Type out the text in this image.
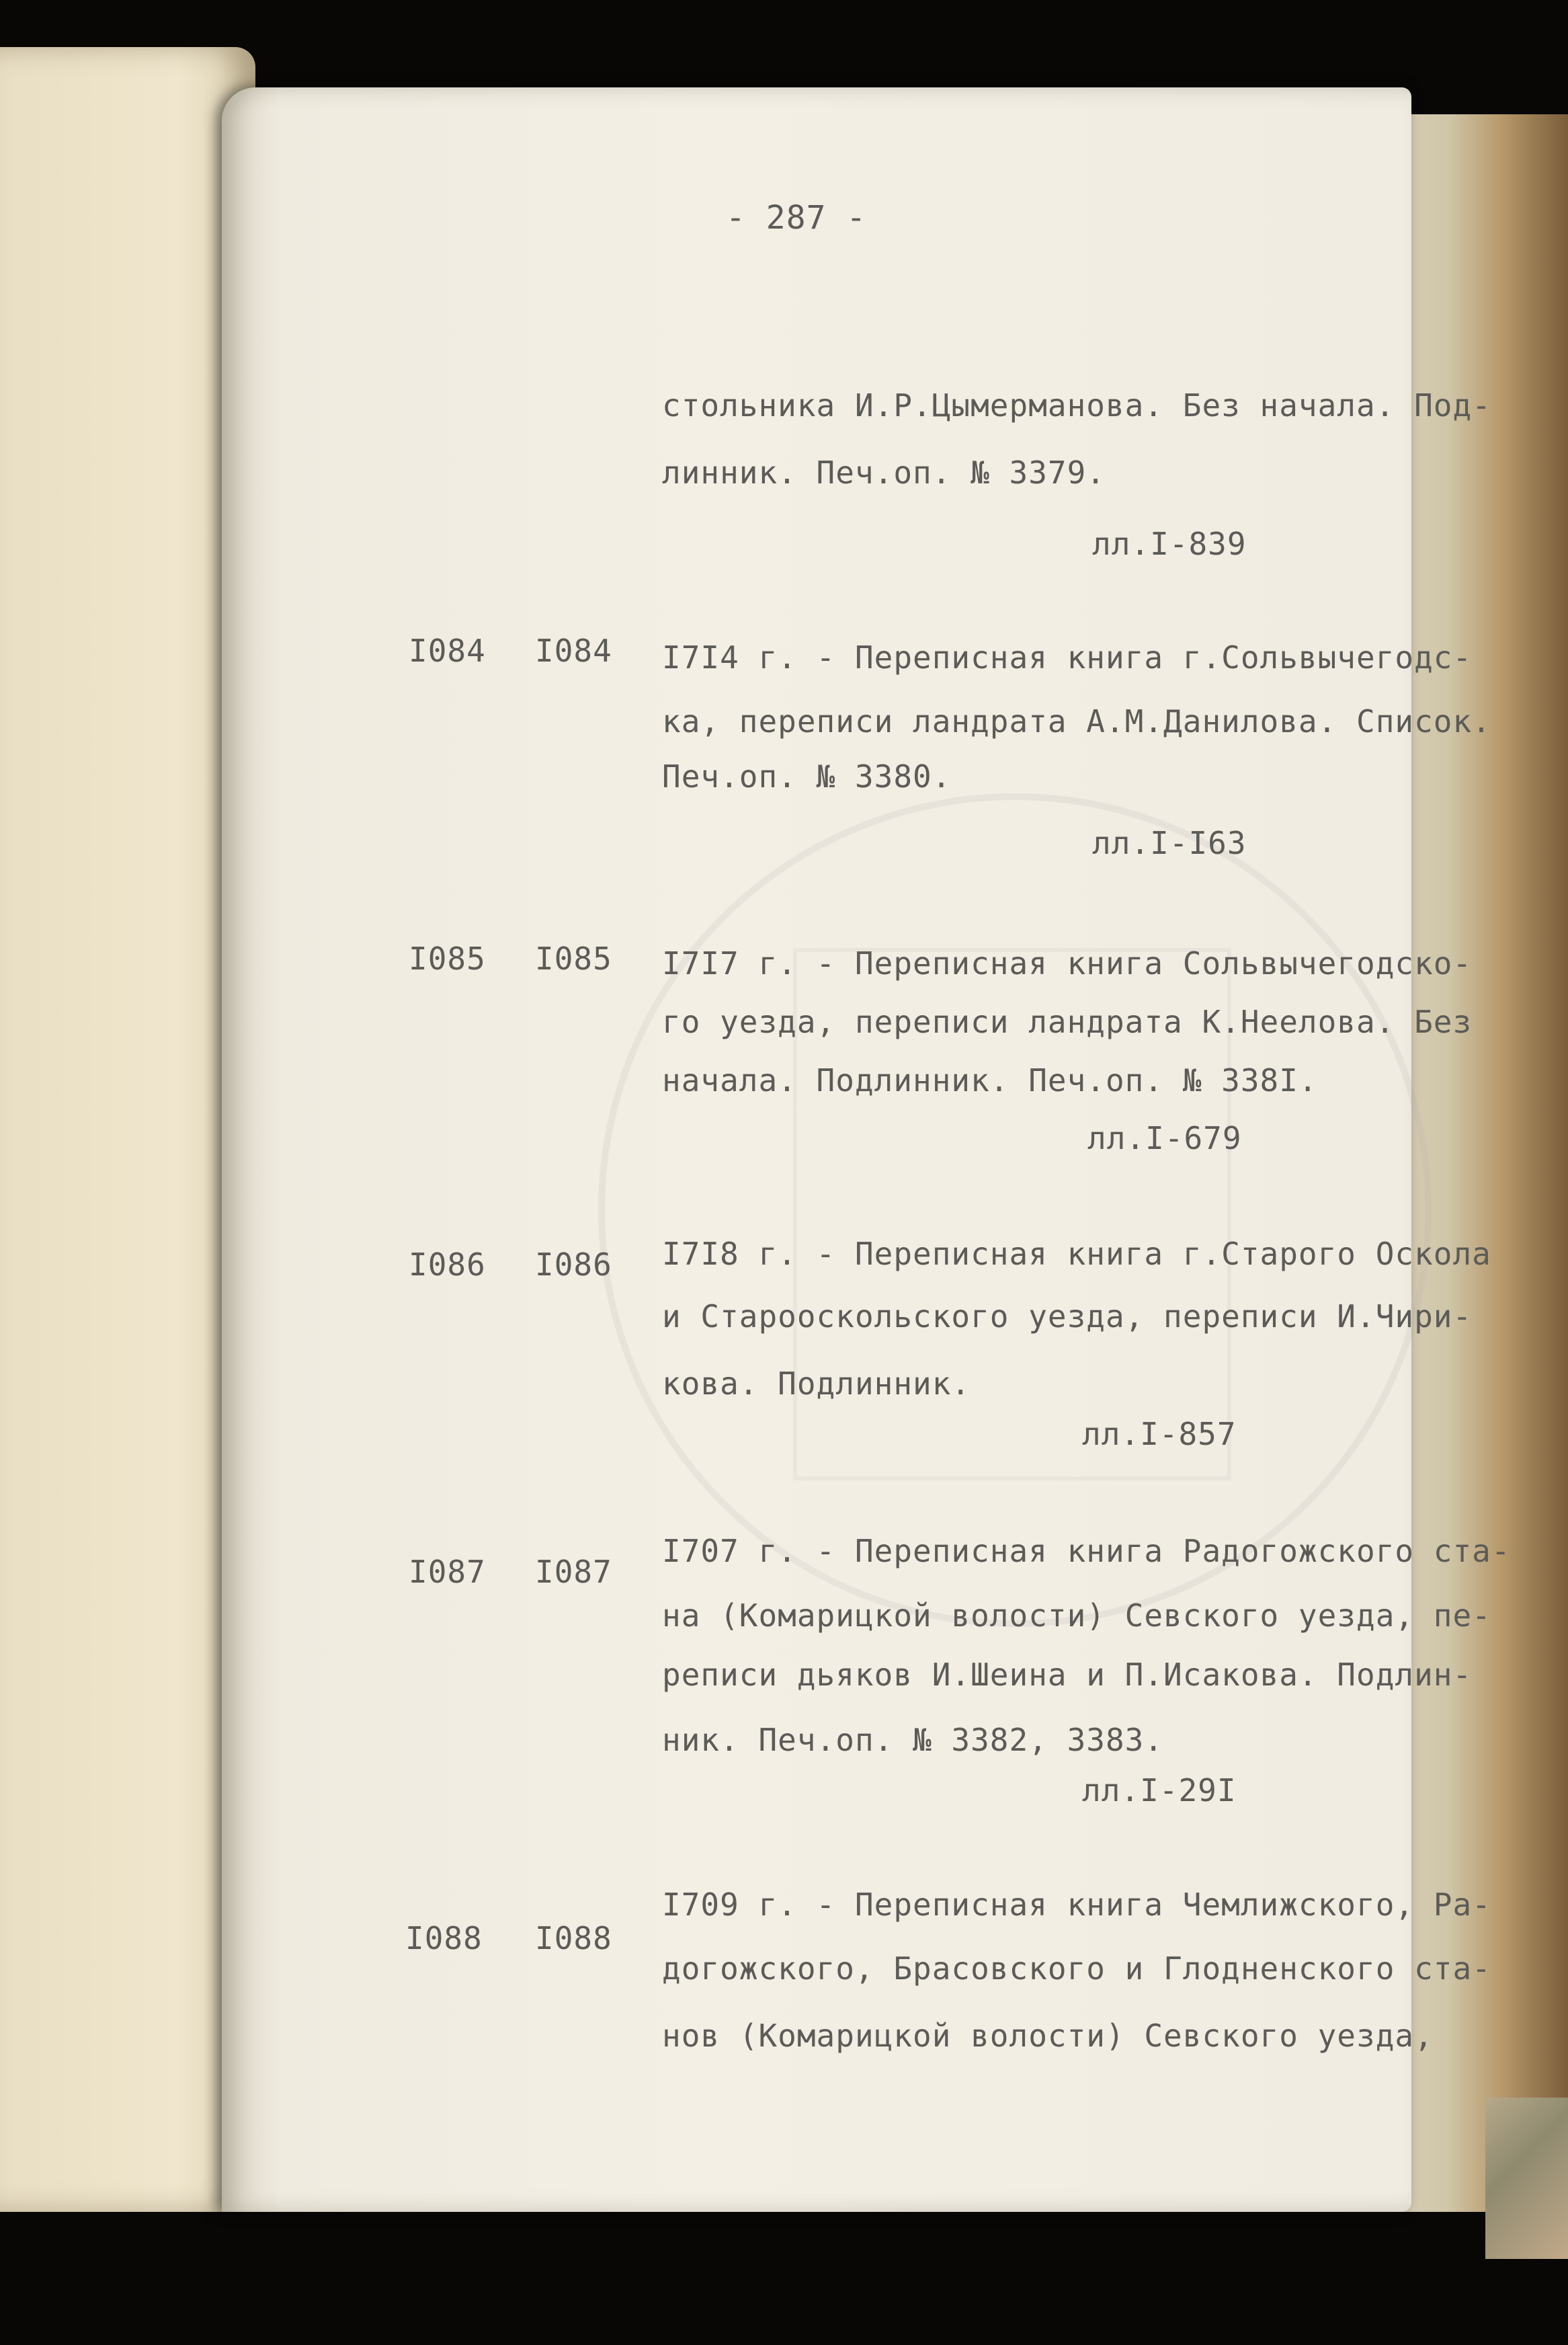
- 287 -
стольника И.Р.Цымерманова. Без начала. Под-
линник. Печ.оп. № 3379.
лл.I-839
I084 I084 I7I4 г. - Переписная книга г.Сольвычегодс-
ка, переписи ландрата А.М.Данилова. Список.
Печ.оп. № 3380.
лл.I-I63
I085 I085 I7I7 г. - Переписная книга Сольвычегодско-
го уезда, переписи ландрата К.Неелова. Без
начала. Подлинник. Печ.оп. № 338I.
лл.I-679
I086 I086 I7I8 г. - Переписная книга г.Старого Оскола
и Старооскольского уезда, переписи И.Чири-
кова. Подлинник.
лл.I-857
I087 I087
I707 г. - Переписная книга Радогожского ста-
на (Комарицкой волости) Севского уезда, пе-
реписи дьяков И.Шеина и П.Исакова. Подлин-
ник. Печ.оп. № 3382, 3383.
лл.I-29I
I088 I088
I709 г. - Переписная книга Чемлижского, Ра-
догожского, Брасовского и Глодненского ста-
нов (Комарицкой волости) Севского уезда,
